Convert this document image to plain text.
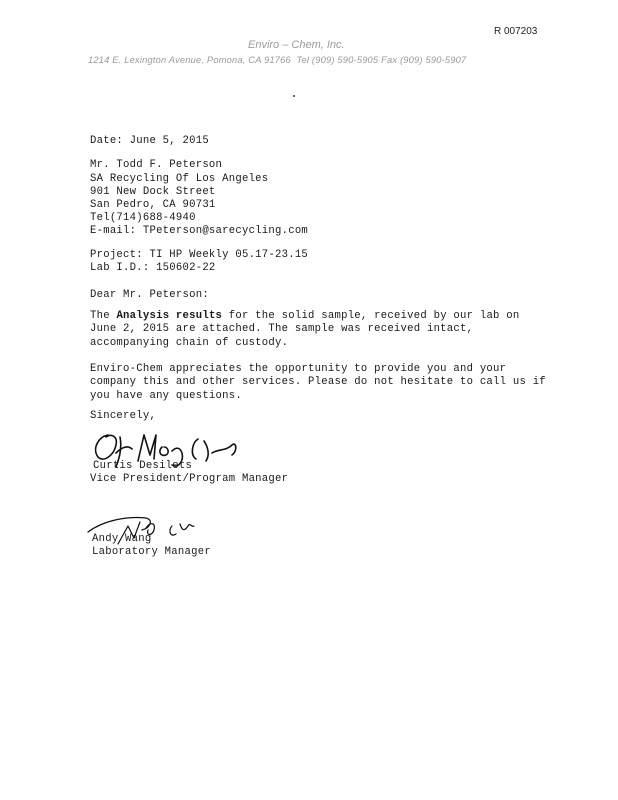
R 007203
Enviro – Chem, Inc.
1214 E. Lexington Avenue, Pomona, CA 91766  Tel (909) 590-5905 Fax (909) 590-5907
Date: June 5, 2015
Mr. Todd F. Peterson
SA Recycling Of Los Angeles
901 New Dock Street
San Pedro, CA 90731
Tel(714)688-4940
E-mail: TPeterson@sarecycling.com
Project: TI HP Weekly 05.17-23.15
Lab I.D.: 150602-22
Dear Mr. Peterson:
The Analysis results for the solid sample, received by our lab on June 2, 2015 are attached. The sample was received intact, accompanying chain of custody.
Enviro-Chem appreciates the opportunity to provide you and your company this and other services. Please do not hesitate to call us if you have any questions.
Sincerely,
Curtis Desilets
Vice President/Program Manager
Andy Wang
Laboratory Manager
